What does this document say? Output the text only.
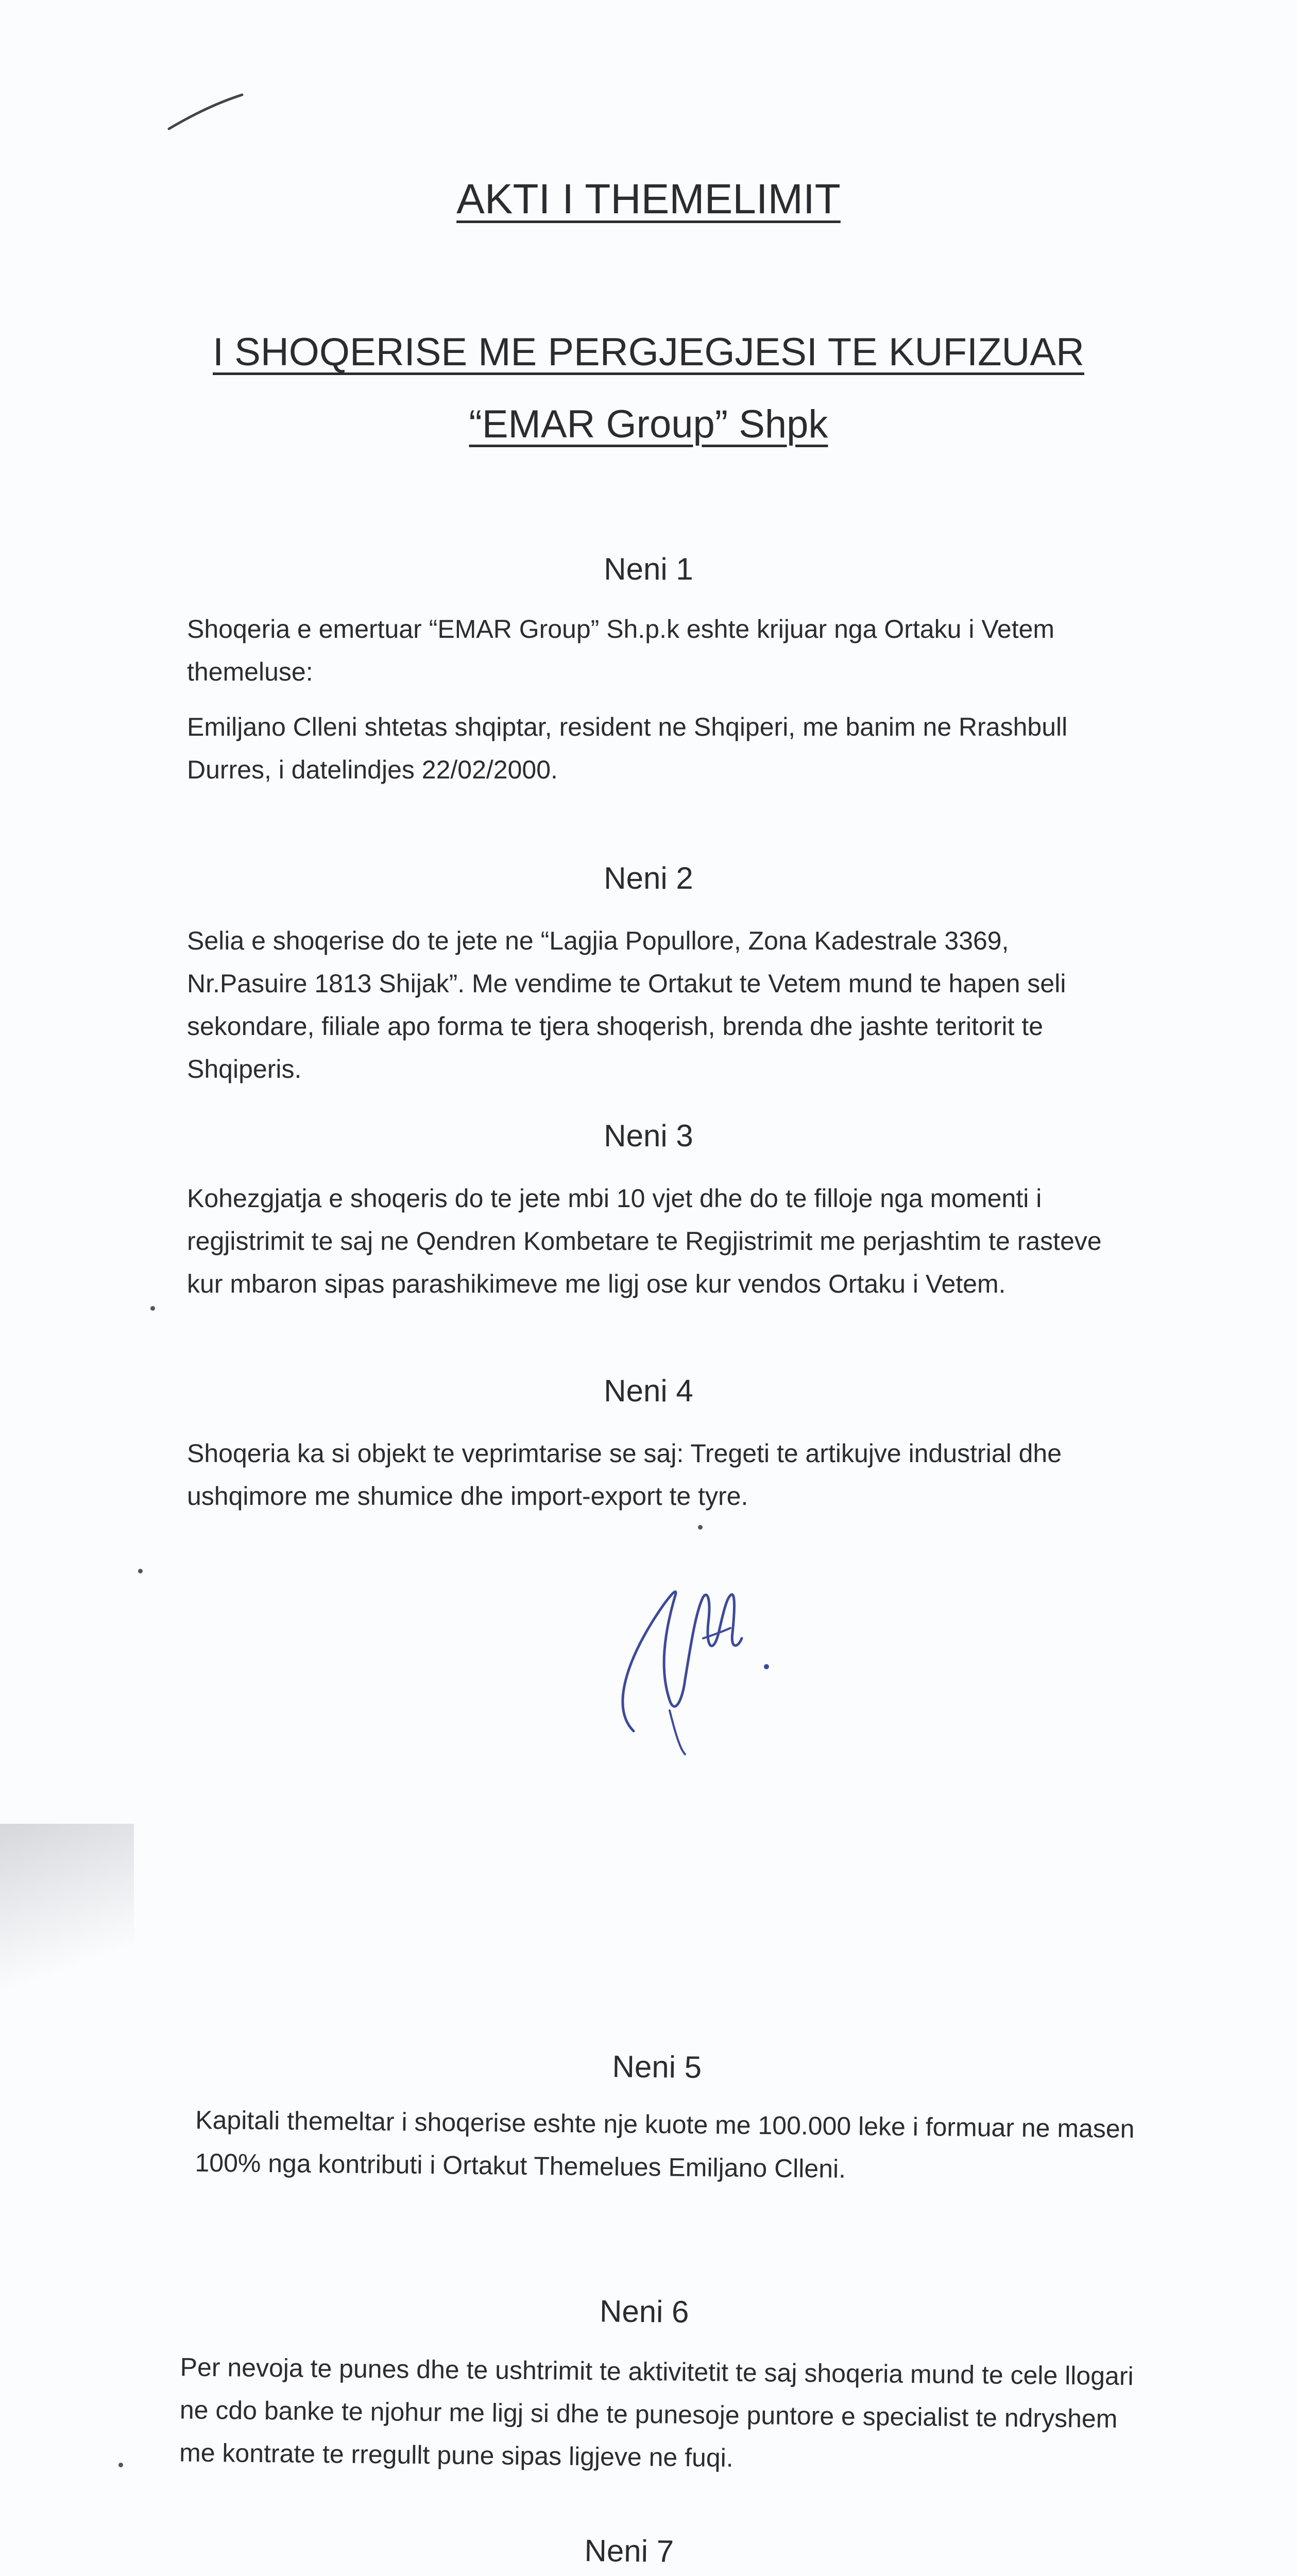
AKTI I THEMELIMIT
I SHOQERISE ME PERGJEGJESI TE KUFIZUAR
“EMAR Group” Shpk
Neni 1

Shoqeria e emertuar “EMAR Group” Sh.p.k eshte krijuar nga Ortaku i Vetem themeluse:

Emiljano Clleni shtetas shqiptar, resident ne Shqiperi, me banim ne Rrashbull Durres, i datelindjes 22/02/2000.

Neni 2

Selia e shoqerise do te jete ne “Lagjia Popullore, Zona Kadestrale 3369, Nr.Pasuire 1813 Shijak”. Me vendime te Ortakut te Vetem mund te hapen seli sekondare, filiale apo forma te tjera shoqerish, brenda dhe jashte teritorit te Shqiperis.

Neni 3

Kohezgjatja e shoqeris do te jete mbi 10 vjet dhe do te filloje nga momenti i regjistrimit te saj ne Qendren Kombetare te Regjistrimit me perjashtim te rasteve kur mbaron sipas parashikimeve me ligj ose kur vendos Ortaku i Vetem.

Neni 4

Shoqeria ka si objekt te veprimtarise se saj: Tregeti te artikujve industrial dhe ushqimore me shumice dhe import-export te tyre.

Neni 5

Kapitali themeltar i shoqerise eshte nje kuote me 100.000 leke i formuar ne masen 100% nga kontributi i Ortakut Themelues Emiljano Clleni.

Neni 6

Per nevoja te punes dhe te ushtrimit te aktivitetit te saj shoqeria mund te cele llogari ne cdo banke te njohur me ligj si dhe te punesoje puntore e specialist te ndryshem me kontrate te rregullt pune sipas ligjeve ne fuqi.

Neni 7
